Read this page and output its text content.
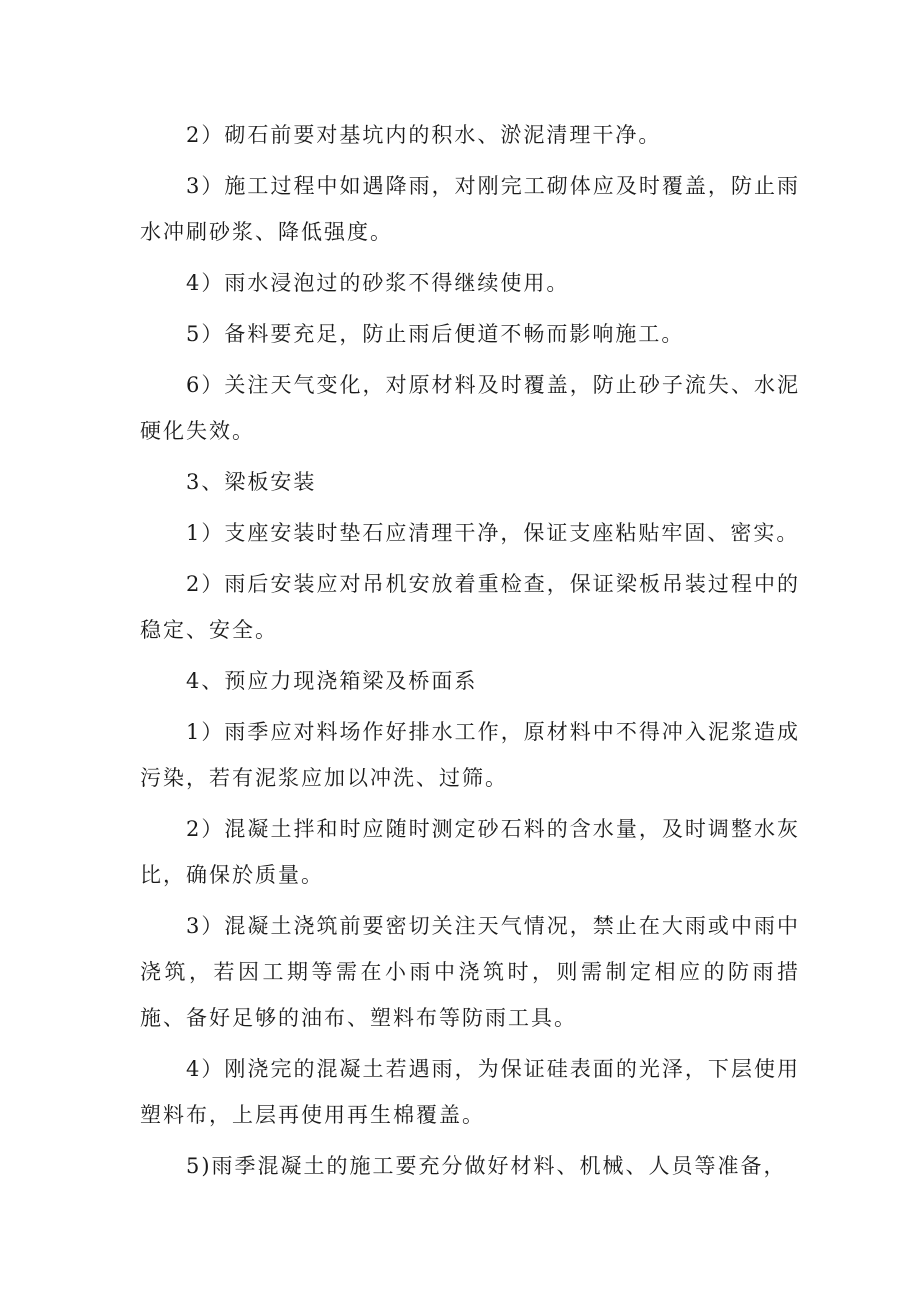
2）砌石前要对基坑内的积水、淤泥清理干净。

3）施工过程中如遇降雨，对刚完工砌体应及时覆盖，防止雨水冲刷砂浆、降低强度。

4）雨水浸泡过的砂浆不得继续使用。

5）备料要充足，防止雨后便道不畅而影响施工。

6）关注天气变化，对原材料及时覆盖，防止砂子流失、水泥硬化失效。

3、梁板安装

1）支座安装时垫石应清理干净，保证支座粘贴牢固、密实。

2）雨后安装应对吊机安放着重检查，保证梁板吊装过程中的稳定、安全。

4、预应力现浇箱梁及桥面系

1）雨季应对料场作好排水工作，原材料中不得冲入泥浆造成污染，若有泥浆应加以冲洗、过筛。

2）混凝土拌和时应随时测定砂石料的含水量，及时调整水灰比，确保於质量。

3）混凝土浇筑前要密切关注天气情况，禁止在大雨或中雨中浇筑，若因工期等需在小雨中浇筑时，则需制定相应的防雨措施、备好足够的油布、塑料布等防雨工具。

4）刚浇完的混凝土若遇雨，为保证硅表面的光泽，下层使用塑料布，上层再使用再生棉覆盖。

5)雨季混凝土的施工要充分做好材料、机械、人员等准备，
